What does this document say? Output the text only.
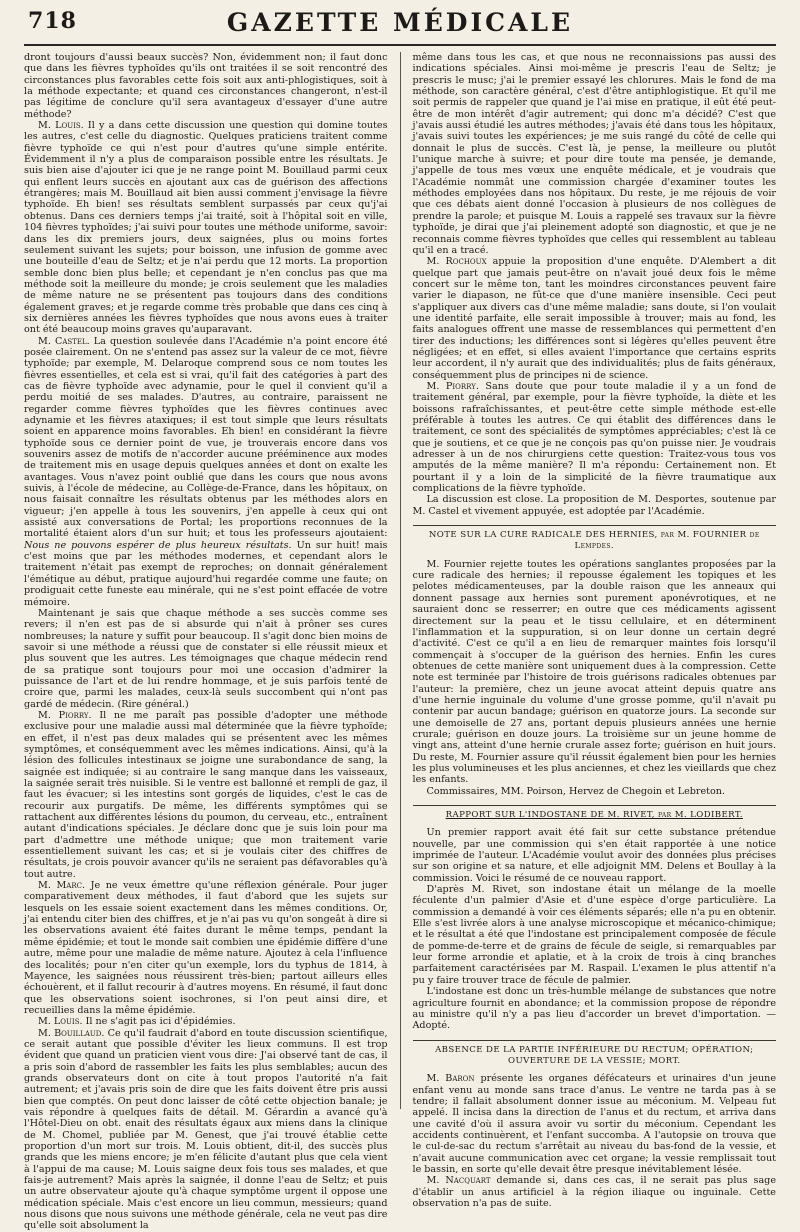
718	GAZETTE MÉDICALE

dront toujours d'aussi beaux succès? Non, évidemment non; il faut donc que dans les fièvres typhoïdes qu'ils ont traitées il se soit rencontré des circonstances plus favorables cette fois soit aux anti-phlogistiques, soit à la méthode expectante; et quand ces circonstances changeront, n'est-il pas légitime de conclure qu'il sera avantageux d'essayer d'une autre méthode?

M. Louis. Il y a dans cette discussion une question qui domine toutes les autres, c'est celle du diagnostic. Quelques praticiens traitent comme fièvre typhoïde ce qui n'est pour d'autres qu'une simple entérite. Évidemment il n'y a plus de comparaison possible entre les résultats. Je suis bien aise d'ajouter ici que je ne range point M. Bouillaud parmi ceux qui enflent leurs succès en ajoutant aux cas de guérison des affections étrangères; mais M. Bouillaud ait bien aussi comment j'envisage la fièvre typhoïde. Eh bien! ses résultats semblent surpassés par ceux qu'j'ai obtenus. Dans ces derniers temps j'ai traité, soit à l'hôpital soit en ville, 104 fièvres typhoïdes; j'ai suivi pour toutes une méthode uniforme, savoir: dans les dix premiers jours, deux saignées, plus ou moins fortes seulement suivant les sujets; pour boisson, une infusion de gomme avec une bouteille d'eau de Seltz; et je n'ai perdu que 12 morts. La proportion semble donc bien plus belle; et cependant je n'en conclus pas que ma méthode soit la meilleure du monde; je crois seulement que les maladies de même nature ne se présentent pas toujours dans des conditions également graves; et je regarde comme très probable que dans ces cinq à six dernières années les fièvres typhoïdes que nous avons eues à traiter ont été beaucoup moins graves qu'auparavant.

M. Castel. La question soulevée dans l'Académie n'a point encore été posée clairement. On ne s'entend pas assez sur la valeur de ce mot, fièvre typhoïde; par exemple, M. Delaroque comprend sous ce nom toutes les fièvres essentielles, et cela est si vrai, qu'il fait des catégories à part des cas de fièvre typhoïde avec adynamie, pour le quel il convient qu'il a perdu moitié de ses malades. D'autres, au contraire, paraissent ne regarder comme fièvres typhoïdes que les fièvres continues avec adynamie et les fièvres ataxiques; il est tout simple que leurs résultats soient en apparence moins favorables. Eh bien! en considérant la fièvre typhoïde sous ce dernier point de vue, je trouverais encore dans vos souvenirs assez de motifs de n'accorder aucune prééminence aux modes de traitement mis en usage depuis quelques années et dont on exalte les avantages. Vous n'avez point oublié que dans les cours que nous avons suivis, à l'école de médecine, au Collège-de-France, dans les hôpitaux, on nous faisait connaître les résultats obtenus par les méthodes alors en vigueur; j'en appelle à tous les souvenirs, j'en appelle à ceux qui ont assisté aux conversations de Portal; les proportions reconnues de la mortalité étaient alors d'un sur huit; et tous les professeurs ajoutaient: Nous ne pouvons espérer de plus heureux résultats. Un sur huit! mais c'est moins que par les méthodes modernes, et cependant alors le traitement n'était pas exempt de reproches; on donnait généralement l'émétique au début, pratique aujourd'hui regardée comme une faute; on prodiguait cette funeste eau minérale, qui ne s'est point effacée de votre mémoire.

Maintenant je sais que chaque méthode a ses succès comme ses revers; il n'en est pas de si absurde qui n'ait à prôner ses cures nombreuses; la nature y suffit pour beaucoup. Il s'agit donc bien moins de savoir si une méthode a réussi que de constater si elle réussit mieux et plus souvent que les autres. Les témoignages que chaque médecin rend de sa pratique sont toujours pour moi une occasion d'admirer la puissance de l'art et de lui rendre hommage, et je suis parfois tenté de croire que, parmi les malades, ceux-là seuls succombent qui n'ont pas gardé de médecin. (Rire général.)

M. Piorry. Il ne me paraît pas possible d'adopter une méthode exclusive pour une maladie aussi mal déterminée que la fièvre typhoïde; en effet, il n'est pas deux malades qui se présentent avec les mêmes symptômes, et conséquemment avec les mêmes indications. Ainsi, qu'à la lésion des follicules intestinaux se joigne une surabondance de sang, la saignée est indiquée; si au contraire le sang manque dans les vaisseaux, la saignée serait très nuisible. Si le ventre est ballonné et rempli de gaz, il faut les évacuer; si les intestins sont gorgés de liquides, c'est le cas de recourir aux purgatifs. De même, les différents symptômes qui se rattachent aux différentes lésions du poumon, du cerveau, etc., entraînent autant d'indications spéciales. Je déclare donc que je suis loin pour ma part d'admettre une méthode unique; que mon traitement varie essentiellement suivant les cas; et si je voulais citer des chiffres de résultats, je crois pouvoir avancer qu'ils ne seraient pas défavorables qu'à tout autre.

M. Marc. Je ne veux émettre qu'une réflexion générale. Pour juger comparativement deux méthodes, il faut d'abord que les sujets sur lesquels on les essaie soient exactement dans les mêmes conditions. Or, j'ai entendu citer bien des chiffres, et je n'ai pas vu qu'on songeât à dire si les observations avaient été faites durant le même temps, pendant la même épidémie; et tout le monde sait combien une épidémie diffère d'une autre, même pour une maladie de même nature. Ajoutez à cela l'influence des localités; pour n'en citer qu'un exemple, lors du typhus de 1814, à Mayence, les saignées nous réussirent très-bien; partout ailleurs elles échouèrent, et il fallut recourir à d'autres moyens. En résumé, il faut donc que les observations soient isochrones, si l'on peut ainsi dire, et recueillies dans la même épidémie.

M. Louis. Il ne s'agit pas ici d'épidémies.

M. Bouillaud. Ce qu'il faudrait d'abord en toute discussion scientifique, ce serait autant que possible d'éviter les lieux communs. Il est trop évident que quand un praticien vient vous dire: J'ai observé tant de cas, il a pris soin d'abord de rassembler les faits les plus semblables; aucun des grands observateurs dont on cite à tout propos l'autorité n'a fait autrement; et j'avais pris soin de dire que les faits doivent être pris aussi bien que comptés. On peut donc laisser de côté cette objection banale; je vais répondre à quelques faits de détail. M. Gérardin a avancé qu'à l'Hôtel-Dieu on obt. enait des résultats égaux aux miens dans la clinique de M. Chomel, publiée par M. Genest, que j'ai trouvé établie cette proportion d'un mort sur trois. M. Louis obtient, dit-il, des succès plus grands que les miens encore; je m'en félicite d'autant plus que cela vient à l'appui de ma cause; M. Louis saigne deux fois tous ses malades, et que fais-je autrement? Mais après la saignée, il donne l'eau de Seltz; et puis un autre observateur ajoute qu'à chaque symptôme urgent il oppose une médication spéciale. Mais c'est encore un lieu commun, messieurs; quand nous disons que nous suivons une méthode générale, cela ne veut pas dire qu'elle soit absolument la

même dans tous les cas, et que nous ne reconnaissions pas aussi des indications spéciales. Ainsi moi-même je prescris l'eau de Seltz; je prescris le musc; j'ai le premier essayé les chlorures. Mais le fond de ma méthode, son caractère général, c'est d'être antiphlogistique. Et qu'il me soit permis de rappeler que quand je l'ai mise en pratique, il eût été peut-être de mon intérêt d'agir autrement; qui donc m'a décidé? C'est que j'avais aussi étudié les autres méthodes; j'avais été dans tous les hôpitaux, j'avais suivi toutes les expériences; je me suis rangé du côté de celle qui donnait le plus de succès. C'est là, je pense, la meilleure ou plutôt l'unique marche à suivre; et pour dire toute ma pensée, je demande, j'appelle de tous mes vœux une enquête médicale, et je voudrais que l'Académie nommât une commission chargée d'examiner toutes les méthodes employées dans nos hôpitaux. Du reste, je me réjouis de voir que ces débats aient donné l'occasion à plusieurs de nos collègues de prendre la parole; et puisque M. Louis a rappelé ses travaux sur la fièvre typhoïde, je dirai que j'ai pleinement adopté son diagnostic, et que je ne reconnais comme fièvres typhoïdes que celles qui ressemblent au tableau qu'il en a tracé.

M. Rochoux appuie la proposition d'une enquête. D'Alembert a dit quelque part que jamais peut-être on n'avait joué deux fois le même concert sur le même ton, tant les moindres circonstances peuvent faire varier le diapason, ne fût-ce que d'une manière insensible. Ceci peut s'appliquer aux divers cas d'une même maladie; sans doute, si l'on voulait une identité parfaite, elle serait impossible à trouver; mais au fond, les faits analogues offrent une masse de ressemblances qui permettent d'en tirer des inductions; les différences sont si légères qu'elles peuvent être négligées; et en effet, si elles avaient l'importance que certains esprits leur accordent, il n'y aurait que des individualités; plus de faits généraux, conséquemment plus de principes ni de science.

M. Piorry. Sans doute que pour toute maladie il y a un fond de traitement général, par exemple, pour la fièvre typhoïde, la diète et les boissons rafraîchissantes, et peut-être cette simple méthode est-elle préférable à toutes les autres. Ce qui établit des différences dans le traitement, ce sont des spécialités de symptômes appréciables; c'est là ce que je soutiens, et ce que je ne conçois pas qu'on puisse nier. Je voudrais adresser à un de nos chirurgiens cette question: Traitez-vous tous vos amputés de la même manière? Il m'a répondu: Certainement non. Et pourtant il y a loin de la simplicité de la fièvre traumatique aux complications de la fièvre typhoïde.

La discussion est close. La proposition de M. Desportes, soutenue par M. Castel et vivement appuyée, est adoptée par l'Académie.

NOTE SUR LA CURE RADICALE DES HERNIES, par M. FOURNIER de Lempdes.

M. Fournier rejette toutes les opérations sanglantes proposées par la cure radicale des hernies; il repousse également les topiques et les pelotes médicamenteuses, par la double raison que les anneaux qui donnent passage aux hernies sont purement aponévrotiques, et ne sauraient donc se resserrer; en outre que ces médicaments agissent directement sur la peau et le tissu cellulaire, et en déterminent l'inflammation et la suppuration, si on leur donne un certain degré d'activité. C'est ce qu'il a en lieu de remarquer maintes fois lorsqu'il commençait à s'occuper de la guérison des hernies. Enfin les cures obtenues de cette manière sont uniquement dues à la compression. Cette note est terminée par l'histoire de trois guérisons radicales obtenues par l'auteur: la première, chez un jeune avocat atteint depuis quatre ans d'une hernie inguinale du volume d'une grosse pomme, qu'il n'avait pu contenir par aucun bandage; guérison en quatorze jours. La seconde sur une demoiselle de 27 ans, portant depuis plusieurs années une hernie crurale; guérison en douze jours. La troisième sur un jeune homme de vingt ans, atteint d'une hernie crurale assez forte; guérison en huit jours. Du reste, M. Fournier assure qu'il réussit également bien pour les hernies les plus volumineuses et les plus anciennes, et chez les vieillards que chez les enfants.

Commissaires, MM. Poirson, Hervez de Chegoin et Lebreton.

RAPPORT SUR L'INDOSTANE DE M. RIVET, par M. LODIBERT.

Un premier rapport avait été fait sur cette substance prétendue nouvelle, par une commission qui s'en était rapportée à une notice imprimée de l'auteur. L'Académie voulut avoir des données plus précises sur son origine et sa nature, et elle adjoignit MM. Delens et Boullay à la commission. Voici le résumé de ce nouveau rapport.

D'après M. Rivet, son indostane était un mélange de la moelle féculente d'un palmier d'Asie et d'une espèce d'orge particulière. La commission a demandé à voir ces éléments séparés; elle n'a pu en obtenir. Elle s'est livrée alors à une analyse microscopique et mécanico-chimique; et le résultat a été que l'indostane est principalement composée de fécule de pomme-de-terre et de grains de fécule de seigle, si remarquables par leur forme arrondie et aplatie, et à la croix de trois à cinq branches parfaitement caractérisées par M. Raspail. L'examen le plus attentif n'a pu y faire trouver trace de fécule de palmier.

L'indostane est donc un très-humble mélange de substances que notre agriculture fournit en abondance; et la commission propose de répondre au ministre qu'il n'y a pas lieu d'accorder un brevet d'importation. — Adopté.

ABSENCE DE LA PARTIE INFÉRIEURE DU RECTUM; OPÉRATION; OUVERTURE DE LA VESSIE; MORT.

M. Baron présente les organes défécateurs et urinaires d'un jeune enfant venu au monde sans trace d'anus. Le ventre ne tarda pas à se tendre; il fallait absolument donner issue au méconium. M. Velpeau fut appelé. Il incisa dans la direction de l'anus et du rectum, et arriva dans une cavité d'où il assura avoir vu sortir du méconium. Cependant les accidents continuèrent, et l'enfant succomba. A l'autopsie on trouva que le cul-de-sac du rectum s'arrêtait au niveau du bas-fond de la vessie, et n'avait aucune communication avec cet organe; la vessie remplissait tout le bassin, en sorte qu'elle devait être presque inévitablement lésée.

M. Nacquart demande si, dans ces cas, il ne serait pas plus sage d'établir un anus artificiel à la région iliaque ou inguinale. Cette observation n'a pas de suite.
